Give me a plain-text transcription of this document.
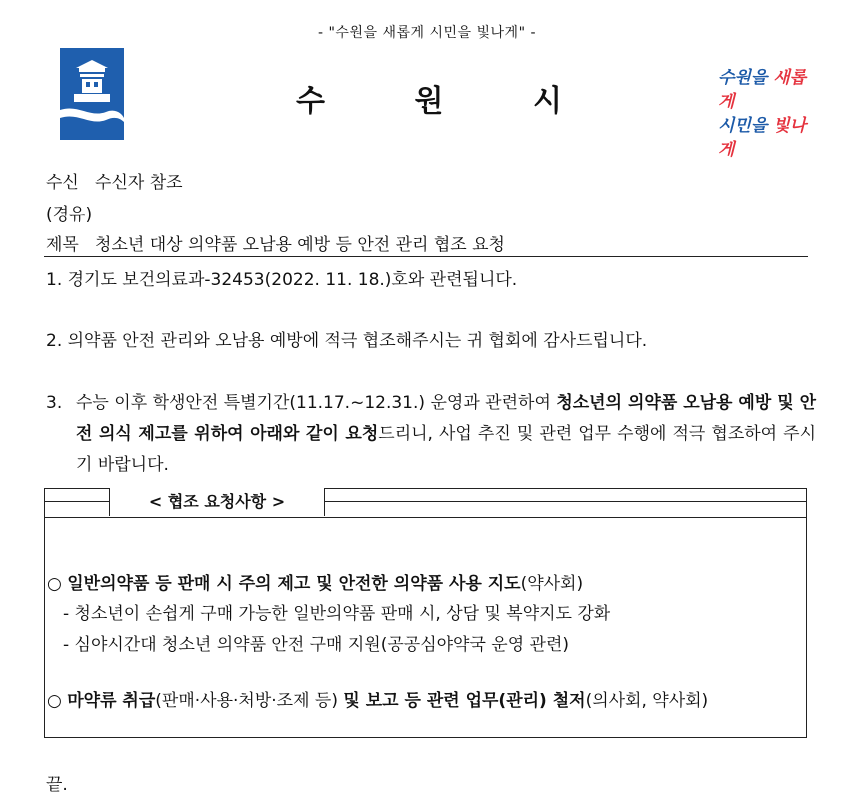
- "수원을 새롭게 시민을 빛나게" -
수	원	시
수원을 새롭게
시민을 빛나게
수신   수신자 참조
(경유)
제목   청소년 대상 의약품 오남용 예방 등 안전 관리 협조 요청
1. 경기도 보건의료과-32453(2022. 11. 18.)호와 관련됩니다.
2. 의약품 안전 관리와 오남용 예방에 적극 협조해주시는 귀 협회에 감사드립니다.
3. 수능 이후 학생안전 특별기간(11.17.~12.31.) 운영과 관련하여 청소년의 의약품 오남용 예방 및 안전 의식 제고를 위하여 아래와 같이 요청드리니, 사업 추진 및 관련 업무 수행에 적극 협조하여 주시기 바랍니다.
< 협조 요청사항 >
○ 일반의약품 등 판매 시 주의 제고 및 안전한 의약품 사용 지도(약사회)
- 청소년이 손쉽게 구매 가능한 일반의약품 판매 시, 상담 및 복약지도 강화
- 심야시간대 청소년 의약품 안전 구매 지원(공공심야약국 운영 관련)
○ 마약류 취급(판매·사용·처방·조제 등) 및 보고 등 관련 업무(관리) 철저(의사회, 약사회)
끝.
